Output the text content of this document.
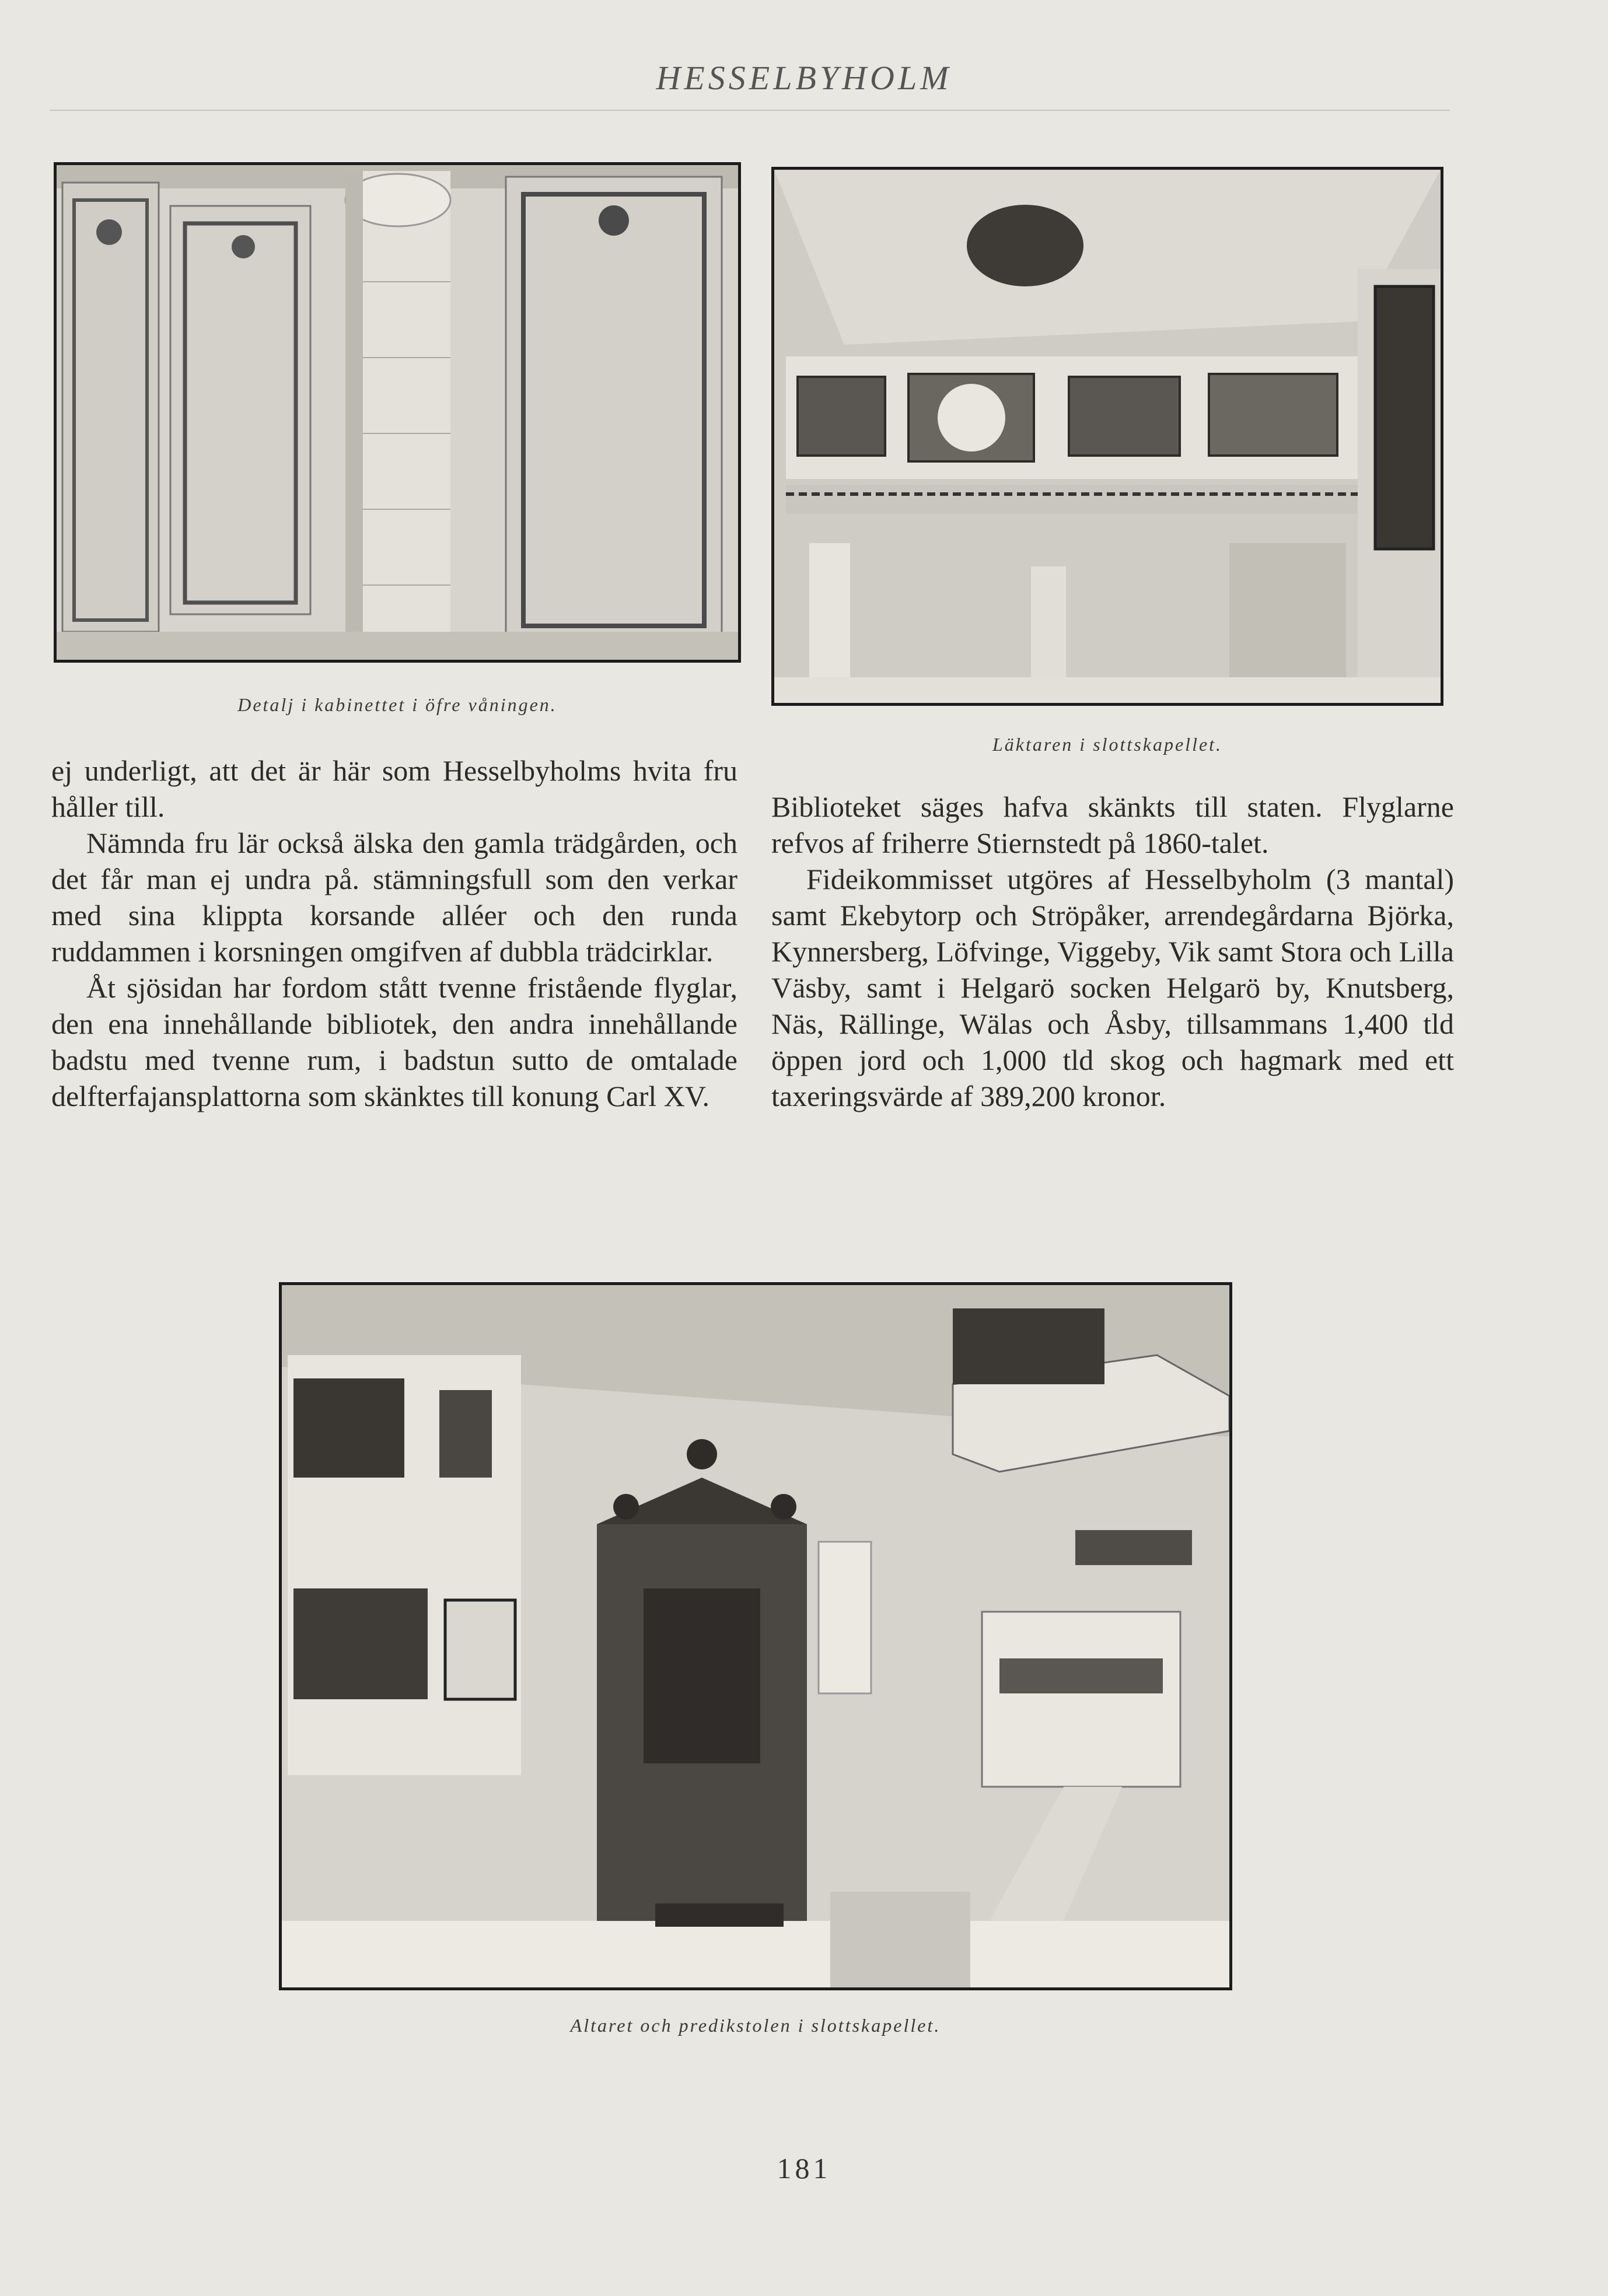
HESSELBYHOLM
Detalj i kabinettet i öfre våningen.
Läktaren i slottskapellet.

ej underligt, att det är här som Hesselbyholms hvita fru håller till.

Nämnda fru lär också älska den gamla trädgården, och det får man ej undra på. stämningsfull som den verkar med sina klippta korsande alléer och den runda ruddammen i korsningen omgifven af dubbla trädcirklar.

Åt sjösidan har fordom stått tvenne fristående flyglar, den ena innehållande bibliotek, den andra innehållande badstu med tvenne rum, i badstun sutto de omtalade delfterfajansplattorna som skänktes till konung Carl XV.

Biblioteket säges hafva skänkts till staten. Flyglarne refvos af friherre Stiernstedt på 1860-talet.

Fideikommisset utgöres af Hesselbyholm (3 mantal) samt Ekebytorp och Ströpåker, arrendegårdarna Björka, Kynnersberg, Löfvinge, Viggeby, Vik samt Stora och Lilla Väsby, samt i Helgarö socken Helgarö by, Knutsberg, Näs, Rällinge, Wälas och Åsby, tillsammans 1,400 tld öppen jord och 1,000 tld skog och hagmark med ett taxeringsvärde af 389,200 kronor.

Altaret och predikstolen i slottskapellet.
181
